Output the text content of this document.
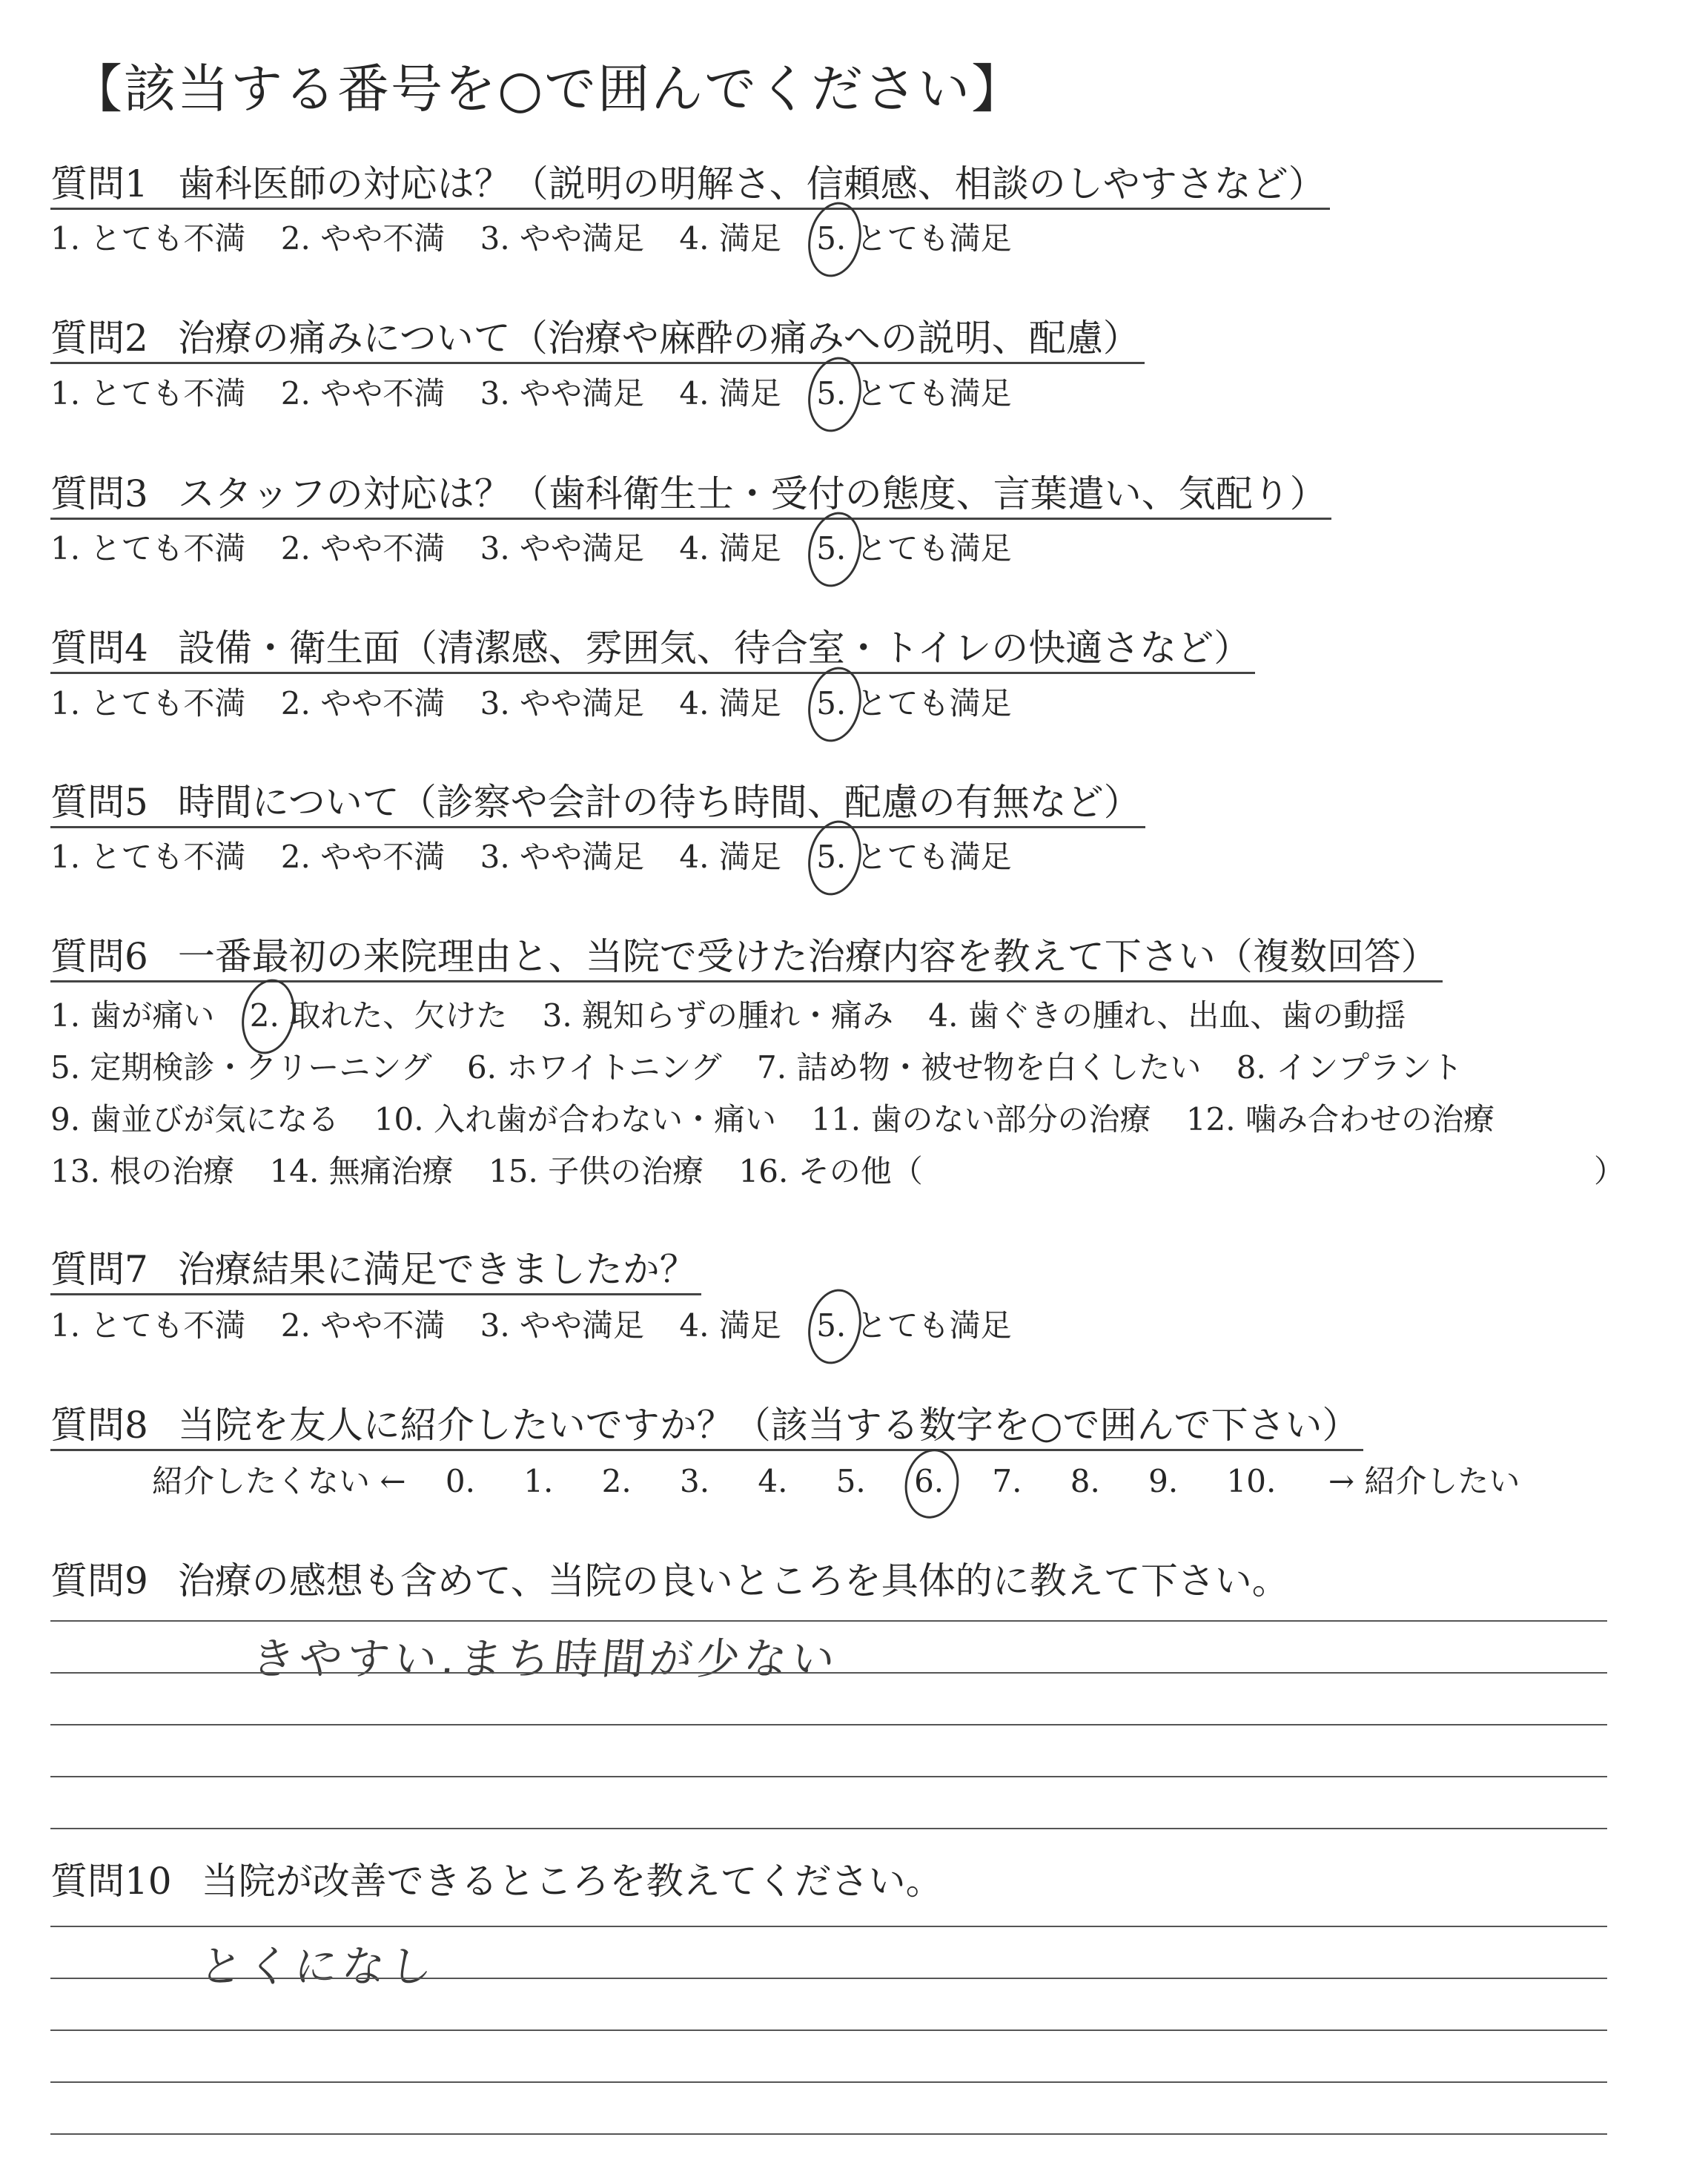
【該当する番号を○で囲んでください】
質問1 歯科医師の対応は？（説明の明解さ、信頼感、相談のしやすさなど）
1. とても不満 2. やや不満 3. やや満足 4. 満足 5. とても満足
質問2 治療の痛みについて（治療や麻酔の痛みへの説明、配慮）
1. とても不満 2. やや不満 3. やや満足 4. 満足 5. とても満足
質問3 スタッフの対応は？（歯科衛生士・受付の態度、言葉遣い、気配り）
1. とても不満 2. やや不満 3. やや満足 4. 満足 5. とても満足
質問4 設備・衛生面（清潔感、雰囲気、待合室・トイレの快適さなど）
1. とても不満 2. やや不満 3. やや満足 4. 満足 5. とても満足
質問5 時間について（診察や会計の待ち時間、配慮の有無など）
1. とても不満 2. やや不満 3. やや満足 4. 満足 5. とても満足
質問6 一番最初の来院理由と、当院で受けた治療内容を教えて下さい（複数回答）
1. 歯が痛い 2. 取れた、欠けた 3. 親知らずの腫れ・痛み 4. 歯ぐきの腫れ、出血、歯の動揺
5. 定期検診・クリーニング 6. ホワイトニング 7. 詰め物・被せ物を白くしたい 8. インプラント
9. 歯並びが気になる 10. 入れ歯が合わない・痛い 11. 歯のない部分の治療 12. 噛み合わせの治療
13. 根の治療 14. 無痛治療 15. 子供の治療 16. その他（	）
質問7 治療結果に満足できましたか？
1. とても不満 2. やや不満 3. やや満足 4. 満足 5. とても満足
質問8 当院を友人に紹介したいですか？（該当する数字を○で囲んで下さい）
紹介したくない ← 0. 1. 2. 3. 4. 5. 6. 7. 8. 9. 10. → 紹介したい
質問9 治療の感想も含めて、当院の良いところを具体的に教えて下さい。
きやすい.まち時間が少ない
質問10 当院が改善できるところを教えてください。
とくになし
